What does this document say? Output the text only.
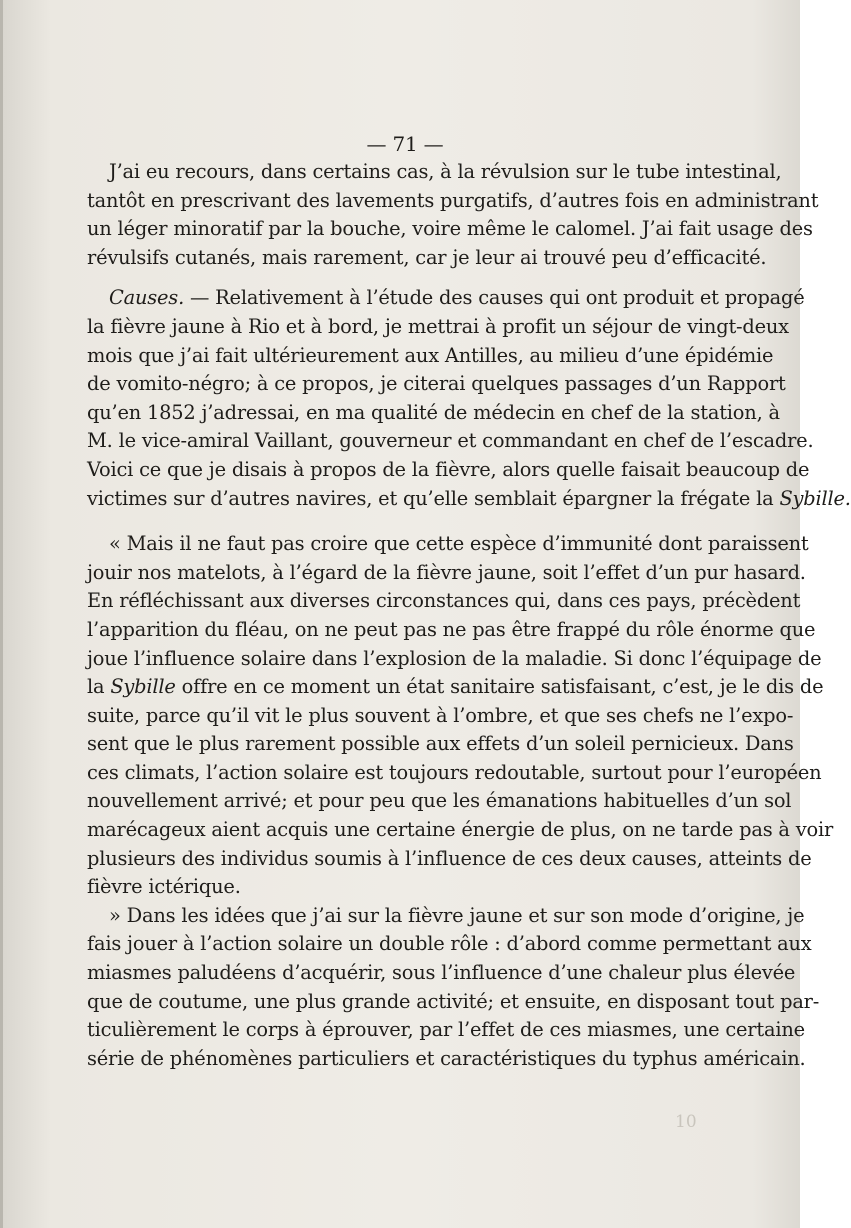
— 71 —
J’ai eu recours, dans certains cas, à la révulsion sur le tube intestinal,
tantôt en prescrivant des lavements purgatifs, d’autres fois en administrant
un léger minoratif par la bouche, voire même le calomel. J’ai fait usage des
révulsifs cutanés, mais rarement, car je leur ai trouvé peu d’efficacité.
Causes. — Relativement à l’étude des causes qui ont produit et propagé
la fièvre jaune à Rio et à bord, je mettrai à profit un séjour de vingt-deux
mois que j’ai fait ultérieurement aux Antilles, au milieu d’une épidémie
de vomito-négro; à ce propos, je citerai quelques passages d’un Rapport
qu’en 1852 j’adressai, en ma qualité de médecin en chef de la station, à
M. le vice-amiral Vaillant, gouverneur et commandant en chef de l’escadre.
Voici ce que je disais à propos de la fièvre, alors quelle faisait beaucoup de
victimes sur d’autres navires, et qu’elle semblait épargner la frégate la Sybille.
« Mais il ne faut pas croire que cette espèce d’immunité dont paraissent
jouir nos matelots, à l’égard de la fièvre jaune, soit l’effet d’un pur hasard.
En réfléchissant aux diverses circonstances qui, dans ces pays, précèdent
l’apparition du fléau, on ne peut pas ne pas être frappé du rôle énorme que
joue l’influence solaire dans l’explosion de la maladie. Si donc l’équipage de
la Sybille offre en ce moment un état sanitaire satisfaisant, c’est, je le dis de
suite, parce qu’il vit le plus souvent à l’ombre, et que ses chefs ne l’expo-
sent que le plus rarement possible aux effets d’un soleil pernicieux. Dans
ces climats, l’action solaire est toujours redoutable, surtout pour l’européen
nouvellement arrivé; et pour peu que les émanations habituelles d’un sol
marécageux aient acquis une certaine énergie de plus, on ne tarde pas à voir
plusieurs des individus soumis à l’influence de ces deux causes, atteints de
fièvre ictérique.
» Dans les idées que j’ai sur la fièvre jaune et sur son mode d’origine, je
fais jouer à l’action solaire un double rôle : d’abord comme permettant aux
miasmes paludéens d’acquérir, sous l’influence d’une chaleur plus élevée
que de coutume, une plus grande activité; et ensuite, en disposant tout par-
ticulièrement le corps à éprouver, par l’effet de ces miasmes, une certaine
série de phénomènes particuliers et caractéristiques du typhus américain.
10
